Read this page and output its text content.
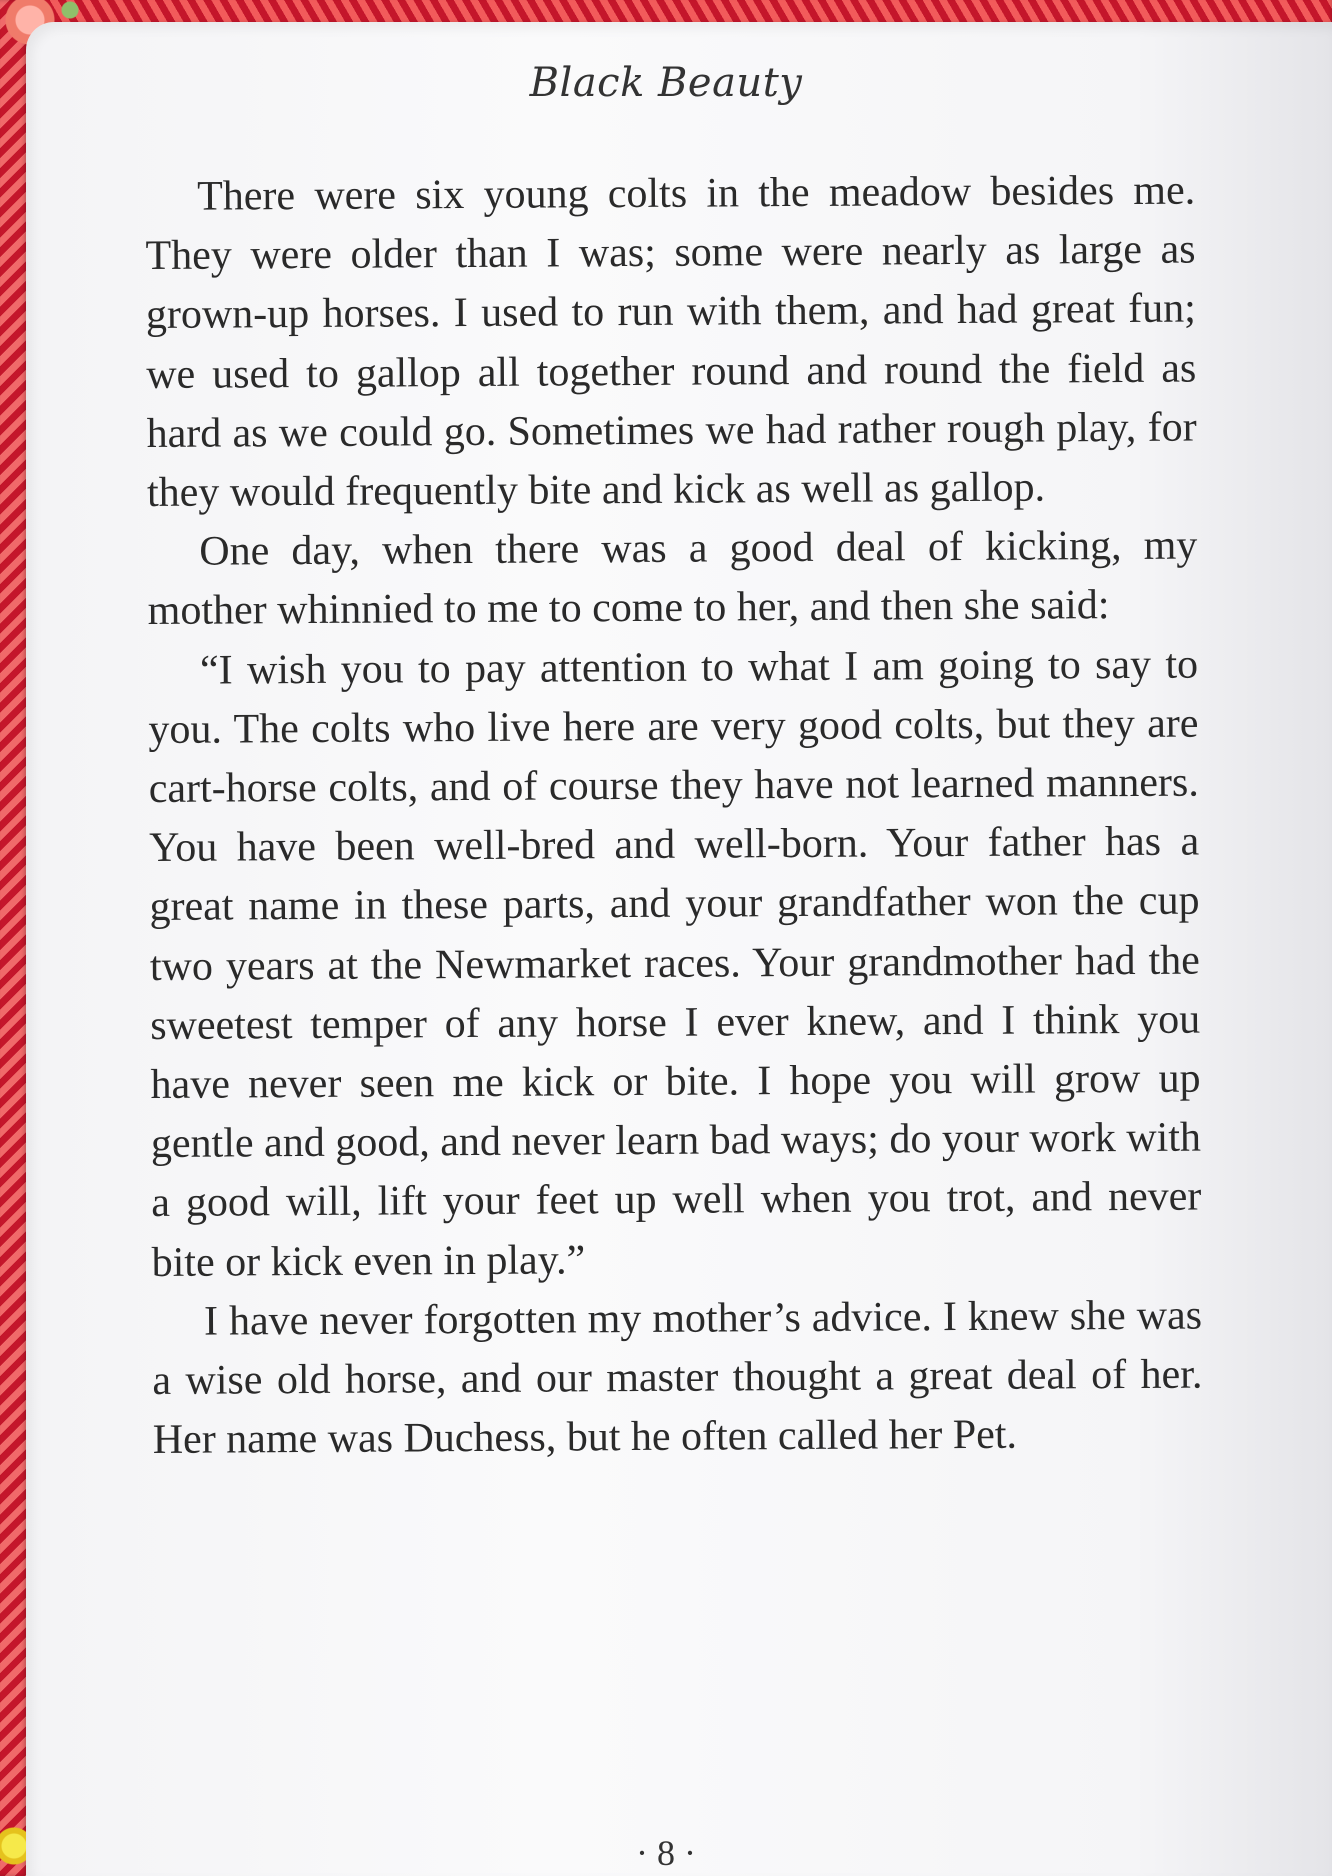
Black Beauty

There were six young colts in the meadow besides me. They were older than I was; some were nearly as large as grown-up horses. I used to run with them, and had great fun; we used to gallop all together round and round the field as hard as we could go. Sometimes we had rather rough play, for they would frequently bite and kick as well as gallop.

One day, when there was a good deal of kicking, my mother whinnied to me to come to her, and then she said:

“I wish you to pay attention to what I am going to say to you. The colts who live here are very good colts, but they are cart-horse colts, and of course they have not learned manners. You have been well-bred and well-born. Your father has a great name in these parts, and your grandfather won the cup two years at the Newmarket races. Your grandmother had the sweetest temper of any horse I ever knew, and I think you have never seen me kick or bite. I hope you will grow up gentle and good, and never learn bad ways; do your work with a good will, lift your feet up well when you trot, and never bite or kick even in play.”

I have never forgotten my mother’s advice. I knew she was a wise old horse, and our master thought a great deal of her. Her name was Duchess, but he often called her Pet.

· 8 ·
